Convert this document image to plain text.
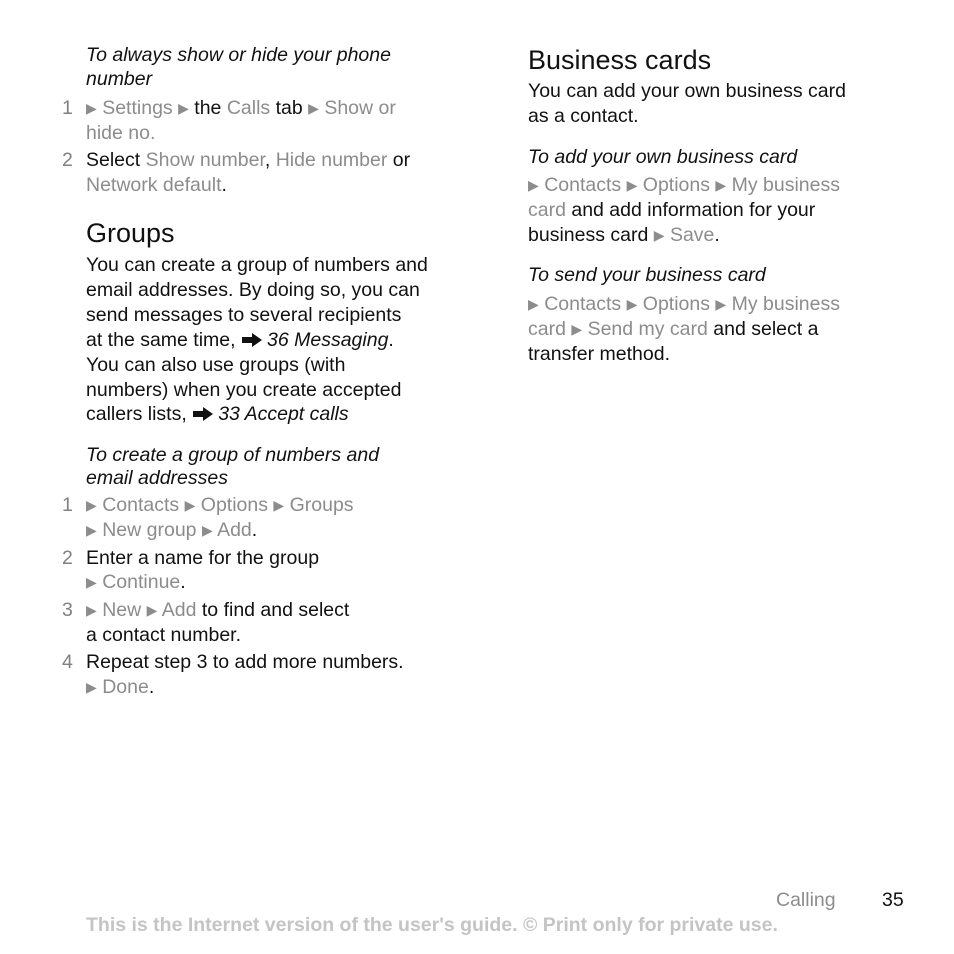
To always show or hide your phone
number
1 ▶ Settings ▶ the Calls tab ▶ Show or
hide no.
2 Select Show number, Hide number or
Network default.
Groups
You can create a group of numbers and
email addresses. By doing so, you can
send messages to several recipients
at the same time, 36 Messaging.
You can also use groups (with
numbers) when you create accepted
callers lists, 33 Accept calls
To create a group of numbers and
email addresses
1 ▶ Contacts ▶ Options ▶ Groups
▶ New group ▶ Add.
2 Enter a name for the group
▶ Continue.
3 ▶ New ▶ Add to find and select
a contact number.
4 Repeat step 3 to add more numbers.
▶ Done.
Business cards
You can add your own business card
as a contact.
To add your own business card
▶ Contacts ▶ Options ▶ My business
card and add information for your
business card ▶ Save.
To send your business card
▶ Contacts ▶ Options ▶ My business
card ▶ Send my card and select a
transfer method.
Calling 35
This is the Internet version of the user's guide. © Print only for private use.
